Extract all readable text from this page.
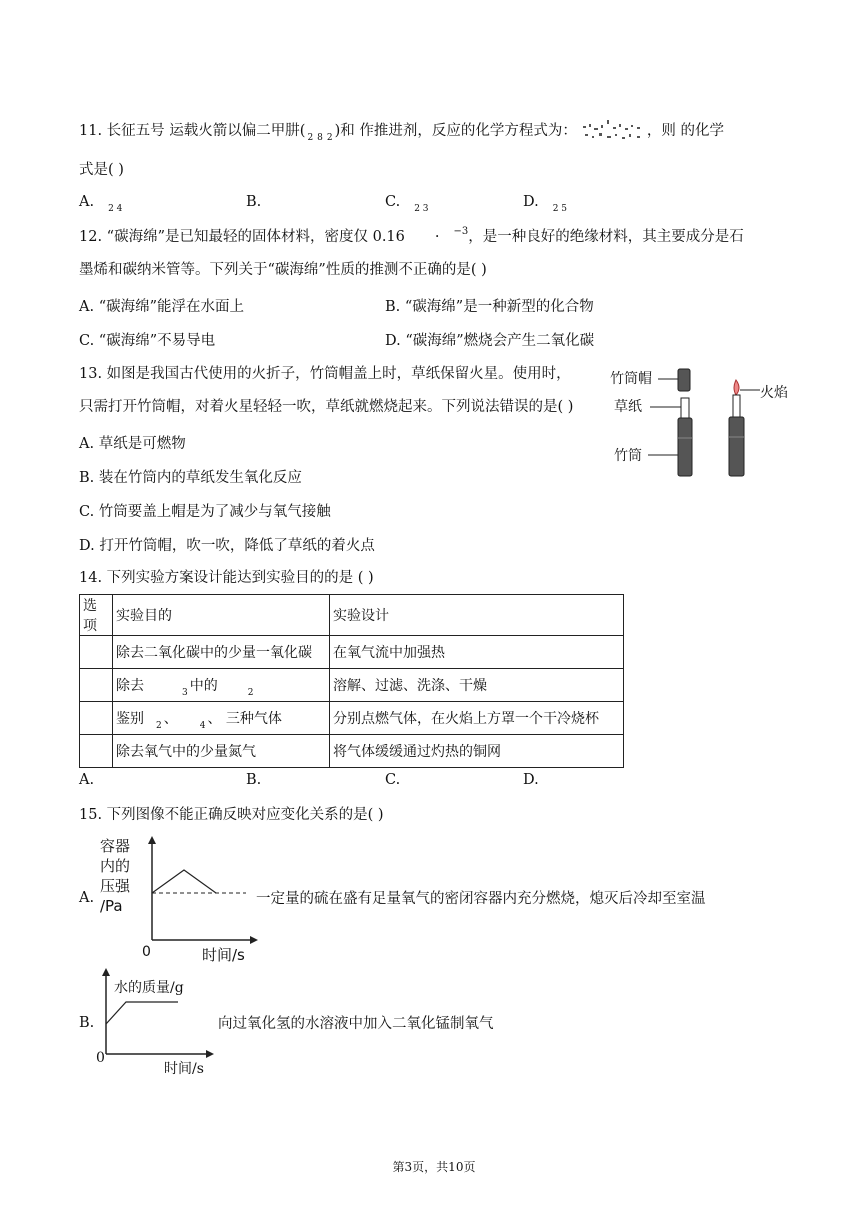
11. 长征五号 运载火箭以偏二甲肼( $_2$ $_8$ $_2$ )和 作推进剂，反应的化学方程式为：	，则 的化学
式是( )
A. $_{2 4}$	B.	C. $_{2 3}$	D. $_{2 5}$
12. “碳海绵”是已知最轻的固体材料，密度仅 0.16 · $^{-3}$，是一种良好的绝缘材料，其主要成分是石
墨烯和碳纳米管等。下列关于“碳海绵”性质的推测不正确的是( )
A. “碳海绵”能浮在水面上	B. “碳海绵”是一种新型的化合物
C. “碳海绵”不易导电	D. “碳海绵”燃烧会产生二氧化碳
13. 如图是我国古代使用的火折子，竹筒帽盖上时，草纸保留火星。使用时，
只需打开竹筒帽，对着火星轻轻一吹，草纸就燃烧起来。下列说法错误的是( )
A. 草纸是可燃物
B. 装在竹筒内的草纸发生氧化反应
C. 竹筒要盖上帽是为了减少与氧气接触
D. 打开竹筒帽，吹一吹，降低了草纸的着火点
竹筒帽
草纸
竹筒
火焰
14. 下列实验方案设计能达到实验目的的是 ( )
选项	实验目的	实验设计
	除去二氧化碳中的少量一氧化碳	在氧气流中加强热
	除去 $_3$ 中的 $_2$	溶解、过滤、洗涤、干燥
	鉴别 $_2$ 、 $_4$ 、 三种气体	分别点燃气体，在火焰上方罩一个干冷烧杯
	除去氧气中的少量氮气	将气体缓缓通过灼热的铜网
A.	B.	C.	D.
15. 下列图像不能正确反映对应变化关系的是( )
A.
容器
内的
压强
/Pa
0	时间/s
一定量的硫在盛有足量氧气的密闭容器内充分燃烧，熄灭后冷却至室温
B.
水的质量/g
0
时间/s
向过氧化氢的水溶液中加入二氧化锰制氧气
第3页，共10页
